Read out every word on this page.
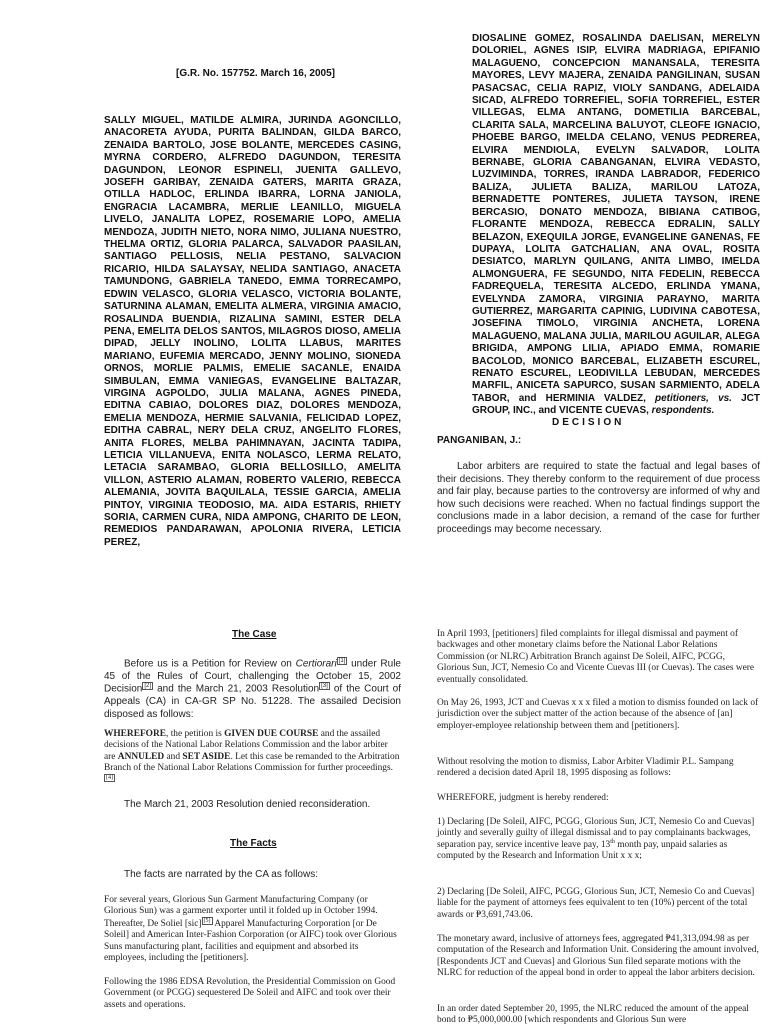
[G.R. No. 157752. March 16, 2005]
SALLY MIGUEL, MATILDE ALMIRA, JURINDA AGONCILLO, ANACORETA AYUDA, PURITA BALINDAN, GILDA BARCO, ZENAIDA BARTOLO, JOSE BOLANTE, MERCEDES CASING, MYRNA CORDERO, ALFREDO DAGUNDON, TERESITA DAGUNDON, LEONOR ESPINELI, JUENITA GALLEVO, JOSEFH GARIBAY, ZENAIDA GATERS, MARITA GRAZA, OTILLA HADLOC, ERLINDA IBARRA, LORNA JANIOLA, ENGRACIA LACAMBRA, MERLIE LEANILLO, MIGUELA LIVELO, JANALITA LOPEZ, ROSEMARIE LOPO, AMELIA MENDOZA, JUDITH NIETO, NORA NIMO, JULIANA NUESTRO, THELMA ORTIZ, GLORIA PALARCA, SALVADOR PAASILAN, SANTIAGO PELLOSIS, NELIA PESTANO, SALVACION RICARIO, HILDA SALAYSAY, NELIDA SANTIAGO, ANACETA TAMUNDONG, GABRIELA TANEDO, EMMA TORRECAMPO, EDWIN VELASCO, GLORIA VELASCO, VICTORIA BOLANTE, SATURNINA ALAMAN, EMELITA ALMERA, VIRGINIA AMACIO, ROSALINDA BUENDIA, RIZALINA SAMINI, ESTER DELA PENA, EMELITA DELOS SANTOS, MILAGROS DIOSO, AMELIA DIPAD, JELLY INOLINO, LOLITA LLABUS, MARITES MARIANO, EUFEMIA MERCADO, JENNY MOLINO, SIONEDA ORNOS, MORLIE PALMIS, EMELIE SACANLE, ENAIDA SIMBULAN, EMMA VANIEGAS, EVANGELINE BALTAZAR, VIRGINA AGPOLDO, JULIA MALANA, AGNES PINEDA, EDITNA CABIAO, DOLORES DIAZ, DOLORES MENDOZA, EMELIA MENDOZA, HERMIE SALVANIA, FELICIDAD LOPEZ, EDITHA CABRAL, NERY DELA CRUZ, ANGELITO FLORES, ANITA FLORES, MELBA PAHIMNAYAN, JACINTA TADIPA, LETICIA VILLANUEVA, ENITA NOLASCO, LERMA RELATO, LETACIA SARAMBAO, GLORIA BELLOSILLO, AMELITA VILLON, ASTERIO ALAMAN, ROBERTO VALERIO, REBECCA ALEMANIA, JOVITA BAQUILALA, TESSIE GARCIA, AMELIA PINTOY, VIRGINIA TEODOSIO, MA. AIDA ESTARIS, RHIETY SORIA, CARMEN CURA, NIDA AMPONG, CHARITO DE LEON, REMEDIOS PANDARAWAN, APOLONIA RIVERA, LETICIA PEREZ,
DIOSALINE GOMEZ, ROSALINDA DAELISAN, MERELYN DOLORIEL, AGNES ISIP, ELVIRA MADRIAGA, EPIFANIO MALAGUENO, CONCEPCION MANANSALA, TERESITA MAYORES, LEVY MAJERA, ZENAIDA PANGILINAN, SUSAN PASACSAC, CELIA RAPIZ, VIOLY SANDANG, ADELAIDA SICAD, ALFREDO TORREFIEL, SOFIA TORREFIEL, ESTER VILLEGAS, ELMA ANTANG, DOMETILIA BARCEBAL, CLARITA SALA, MARCELINA BALUYOT, CLEOFE IGNACIO, PHOEBE BARGO, IMELDA CELANO, VENUS PEDREREA, ELVIRA MENDIOLA, EVELYN SALVADOR, LOLITA BERNABE, GLORIA CABANGANAN, ELVIRA VEDASTO, LUZVIMINDA, TORRES, IRANDA LABRADOR, FEDERICO BALIZA, JULIETA BALIZA, MARILOU LATOZA, BERNADETTE PONTERES, JULIETA TAYSON, IRENE BERCASIO, DONATO MENDOZA, BIBIANA CATIBOG, FLORANTE MENDOZA, REBECCA EDRALIN, SALLY BELAZON, EXEQUILA JORGE, EVANGELINE GANENAS, FE DUPAYA, LOLITA GATCHALIAN, ANA OVAL, ROSITA DESIATCO, MARLYN QUILANG, ANITA LIMBO, IMELDA ALMONGUERA, FE SEGUNDO, NITA FEDELIN, REBECCA FADREQUELA, TERESITA ALCEDO, ERLINDA YMANA, EVELYNDA ZAMORA, VIRGINIA PARAYNO, MARITA GUTIERREZ, MARGARITA CAPINIG, LUDIVINA CABOTESA, JOSEFINA TIMOLO, VIRGINIA ANCHETA, LORENA MALAGUENO, MALANA JULIA, MARILOU AGUILAR, ALEGA BRIGIDA, AMPONG LILIA, APIADO EMMA, ROMARIE BACOLOD, MONICO BARCEBAL, ELIZABETH ESCUREL, RENATO ESCUREL, LEODIVILLA LEBUDAN, MERCEDES MARFIL, ANICETA SAPURCO, SUSAN SARMIENTO, ADELA TABOR, and HERMINIA VALDEZ, petitioners, vs. JCT GROUP, INC., and VICENTE CUEVAS, respondents.
DECISION
PANGANIBAN, J.:

Labor arbiters are required to state the factual and legal bases of their decisions. They thereby conform to the requirement of due process and fair play, because parties to the controversy are informed of why and how such decisions were reached. When no factual findings support the conclusions made in a labor decision, a remand of the case for further proceedings may become necessary.

The Case

Before us is a Petition for Review on Certiorari [1] under Rule 45 of the Rules of Court, challenging the October 15, 2002 Decision [2] and the March 21, 2003 Resolution [3] of the Court of Appeals (CA) in CA-GR SP No. 51228. The assailed Decision disposed as follows:

WHEREFORE, the petition is GIVEN DUE COURSE and the assailed decisions of the National Labor Relations Commission and the labor arbiter are ANNULED and SET ASIDE. Let this case be remanded to the Arbitration Branch of the National Labor Relations Commission for further proceedings.[4]

The March 21, 2003 Resolution denied reconsideration.

The Facts

The facts are narrated by the CA as follows:

For several years, Glorious Sun Garment Manufacturing Company (or Glorious Sun) was a garment exporter until it folded up in October 1994. Thereafter, De Soliel [sic] [5] Apparel Manufacturing Corporation [or De Soleil] and American Inter-Fashion Corporation (or AIFC) took over Glorious Suns manufacturing plant, facilities and equipment and absorbed its employees, including the [petitioners].

Following the 1986 EDSA Revolution, the Presidential Commission on Good Government (or PCGG) sequestered De Soleil and AIFC and took over their assets and operations.

In April 1993, [petitioners] filed complaints for illegal dismissal and payment of backwages and other monetary claims before the National Labor Relations Commission (or NLRC) Arbitration Branch against De Soleil, AIFC, PCGG, Glorious Sun, JCT, Nemesio Co and Vicente Cuevas III (or Cuevas). The cases were eventually consolidated.

On May 26, 1993, JCT and Cuevas x x x filed a motion to dismiss founded on lack of jurisdiction over the subject matter of the action because of the absence of [an] employer-employee relationship between them and [petitioners].

Without resolving the motion to dismiss, Labor Arbiter Vladimir P.L. Sampang rendered a decision dated April 18, 1995 disposing as follows:

WHEREFORE, judgment is hereby rendered:

1) Declaring [De Soleil, AIFC, PCGG, Glorious Sun, JCT, Nemesio Co and Cuevas] jointly and severally guilty of illegal dismissal and to pay complainants backwages, separation pay, service incentive leave pay, 13th month pay, unpaid salaries as computed by the Research and Information Unit x x x;

2) Declaring [De Soleil, AIFC, PCGG, Glorious Sun, JCT, Nemesio Co and Cuevas] liable for the payment of attorneys fees equivalent to ten (10%) percent of the total awards or ₱3,691,743.06.

The monetary award, inclusive of attorneys fees, aggregated ₱41,313,094.98 as per computation of the Research and Information Unit. Considering the amount involved, [Respondents JCT and Cuevas] and Glorious Sun filed separate motions with the NLRC for reduction of the appeal bond in order to appeal the labor arbiters decision.

In an order dated September 20, 1995, the NLRC reduced the amount of the appeal bond to ₱5,000,000.00 [which respondents and Glorious Sun were
